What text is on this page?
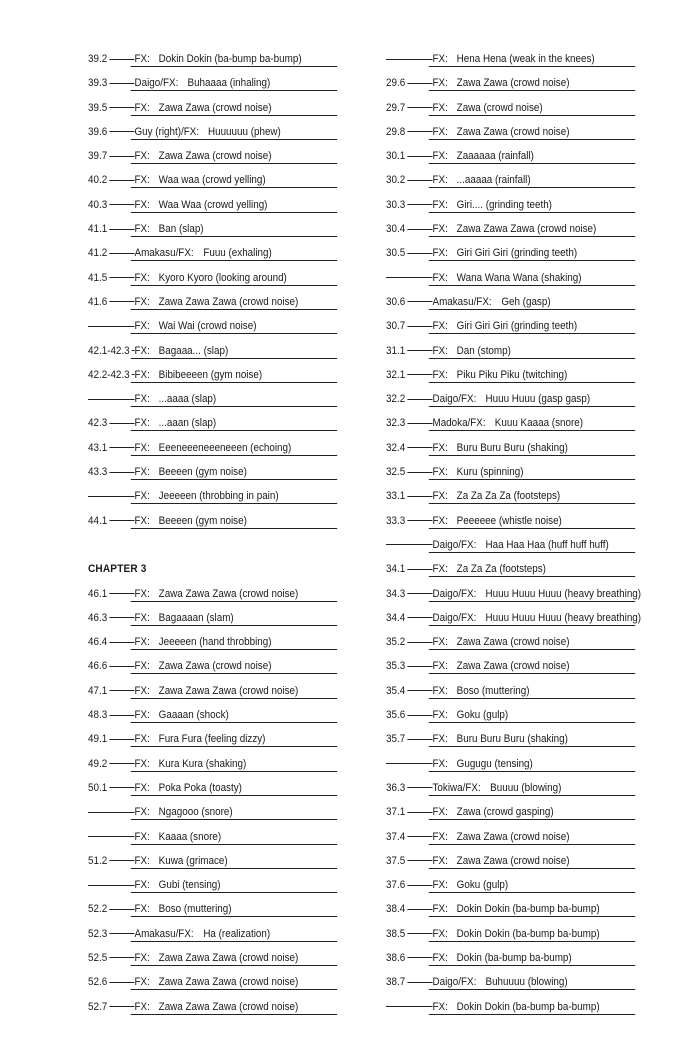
39.2	FX: Dokin Dokin (ba-bump ba-bump)
39.3	Daigo/FX: Buhaaaa (inhaling)
39.5	FX: Zawa Zawa (crowd noise)
39.6	Guy (right)/FX: Huuuuuu (phew)
39.7	FX: Zawa Zawa (crowd noise)
40.2	FX: Waa waa (crowd yelling)
40.3	FX: Waa Waa (crowd yelling)
41.1	FX: Ban (slap)
41.2	Amakasu/FX: Fuuu (exhaling)
41.5	FX: Kyoro Kyoro (looking around)
41.6	FX: Zawa Zawa Zawa (crowd noise)
FX: Wai Wai (crowd noise)
42.1-42.3 FX: Bagaaa... (slap)
42.2-42.3 FX: Bibibeeeen (gym noise)
FX: ...aaaa (slap)
42.3	FX: ...aaan (slap)
43.1	FX: Eeeneeeneeeneeen (echoing)
43.3	FX: Beeeen (gym noise)
FX: Jeeeeen (throbbing in pain)
44.1	FX: Beeeen (gym noise)
CHAPTER 3
46.1	FX: Zawa Zawa Zawa (crowd noise)
46.3	FX: Bagaaaan (slam)
46.4	FX: Jeeeeen (hand throbbing)
46.6	FX: Zawa Zawa (crowd noise)
47.1	FX: Zawa Zawa Zawa (crowd noise)
48.3	FX: Gaaaan (shock)
49.1	FX: Fura Fura (feeling dizzy)
49.2	FX: Kura Kura (shaking)
50.1	FX: Poka Poka (toasty)
FX: Ngagooo (snore)
FX: Kaaaa (snore)
51.2	FX: Kuwa (grimace)
FX: Gubi (tensing)
52.2	FX: Boso (muttering)
52.3	Amakasu/FX: Ha (realization)
52.5	FX: Zawa Zawa Zawa (crowd noise)
52.6	FX: Zawa Zawa Zawa (crowd noise)
52.7	FX: Zawa Zawa Zawa (crowd noise)
FX: Hena Hena (weak in the knees)
29.6	FX: Zawa Zawa (crowd noise)
29.7	FX: Zawa (crowd noise)
29.8	FX: Zawa Zawa (crowd noise)
30.1	FX: Zaaaaaa (rainfall)
30.2	FX: ...aaaaa (rainfall)
30.3	FX: Giri.... (grinding teeth)
30.4	FX: Zawa Zawa Zawa (crowd noise)
30.5	FX: Giri Giri Giri (grinding teeth)
FX: Wana Wana Wana (shaking)
30.6	Amakasu/FX: Geh (gasp)
30.7	FX: Giri Giri Giri (grinding teeth)
31.1	FX: Dan (stomp)
32.1	FX: Piku Piku Piku (twitching)
32.2	Daigo/FX: Huuu Huuu (gasp gasp)
32.3	Madoka/FX: Kuuu Kaaaa (snore)
32.4	FX: Buru Buru Buru (shaking)
32.5	FX: Kuru (spinning)
33.1	FX: Za Za Za Za (footsteps)
33.3	FX: Peeeeee (whistle noise)
Daigo/FX: Haa Haa Haa (huff huff huff)
34.1	FX: Za Za Za (footsteps)
34.3	Daigo/FX: Huuu Huuu Huuu (heavy breathing)
34.4	Daigo/FX: Huuu Huuu Huuu (heavy breathing)
35.2	FX: Zawa Zawa (crowd noise)
35.3	FX: Zawa Zawa (crowd noise)
35.4	FX: Boso (muttering)
35.6	FX: Goku (gulp)
35.7	FX: Buru Buru Buru (shaking)
FX: Gugugu (tensing)
36.3	Tokiwa/FX: Buuuu (blowing)
37.1	FX: Zawa (crowd gasping)
37.4	FX: Zawa Zawa (crowd noise)
37.5	FX: Zawa Zawa (crowd noise)
37.6	FX: Goku (gulp)
38.4	FX: Dokin Dokin (ba-bump ba-bump)
38.5	FX: Dokin Dokin (ba-bump ba-bump)
38.6	FX: Dokin (ba-bump ba-bump)
38.7	Daigo/FX: Buhuuuu (blowing)
FX: Dokin Dokin (ba-bump ba-bump)
